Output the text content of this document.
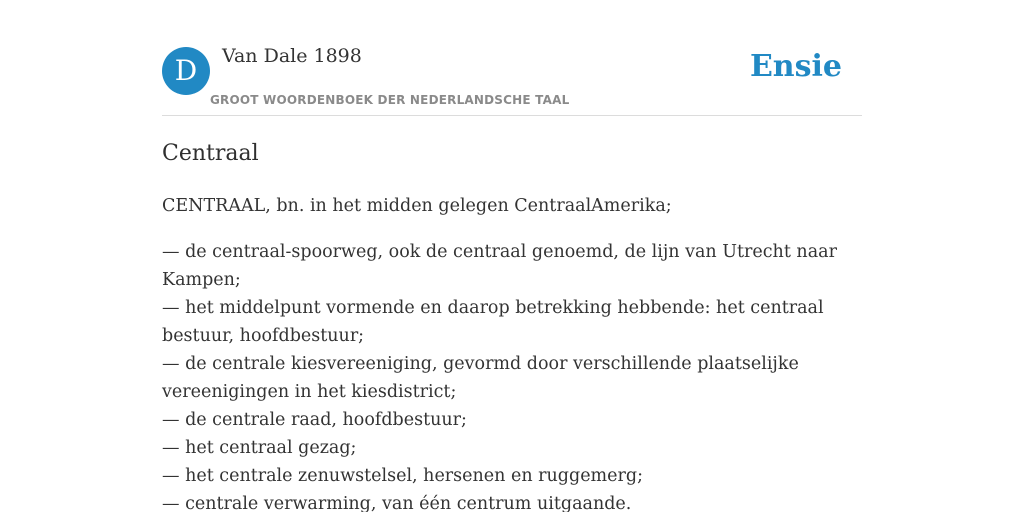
D	Van Dale 1898
GROOT WOORDENBOEK DER NEDERLANDSCHE TAAL
Ensie
Centraal

CENTRAAL, bn. in het midden gelegen CentraalAmerika;

— de centraal-spoorweg, ook de centraal genoemd, de lijn van Utrecht naar Kampen;
— het middelpunt vormende en daarop betrekking hebbende: het centraal bestuur, hoofdbestuur;
— de centrale kiesvereeniging, gevormd door verschillende plaatselijke vereenigingen in het kiesdistrict;
— de centrale raad, hoofdbestuur;
— het centraal gezag;
— het centrale zenuwstelsel, hersenen en ruggemerg;
— centrale verwarming, van één centrum uitgaande.
